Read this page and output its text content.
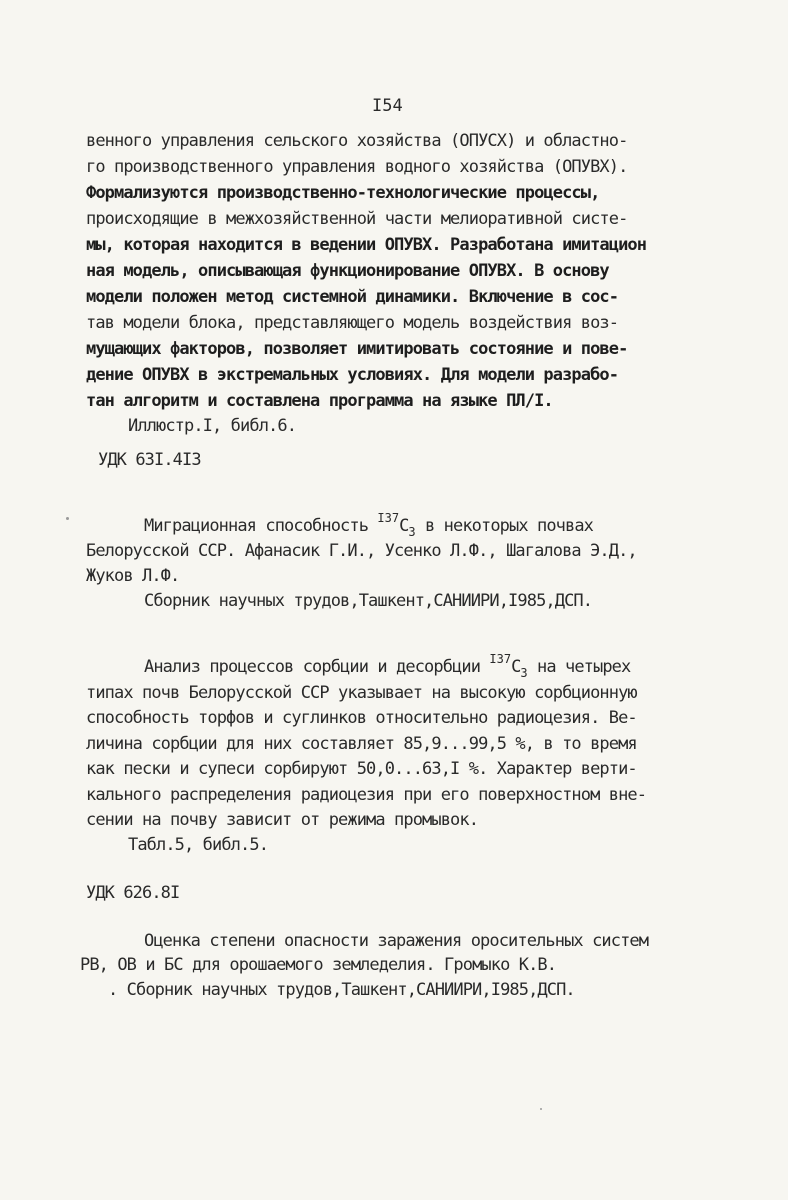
I54
венного управления сельского хозяйства (ОПУСХ) и областно-
го производственного управления водного хозяйства (ОПУВХ).
Формализуются производственно-технологические процессы,
происходящие в межхозяйственной части мелиоративной систе-
мы, которая находится в ведении ОПУВХ. Разработана имитацион
ная модель, описывающая функционирование ОПУВХ. В основу
модели положен метод системной динамики. Включение в сос-
тав модели блока, представляющего модель воздействия воз-
мущающих факторов, позволяет имитировать состояние и пове-
дение ОПУВХ в экстремальных условиях. Для модели разрабо-
тан алгоритм и составлена программа на языке ПЛ/I.
Иллюстр.I, библ.6.
УДК 63I.4I3
Миграционная способность $^{I37}C_3$ в некоторых почвах
Белорусской ССР. Афанасик Г.И., Усенко Л.Ф., Шагалова Э.Д.,
Жуков Л.Ф.
Сборник научных трудов,Ташкент,САНИИРИ,I985,ДСП.
Анализ процессов сорбции и десорбции $^{I37}C_3$ на четырех
типах почв Белорусской ССР указывает на высокую сорбционную
способность торфов и суглинков относительно радиоцезия. Ве-
личина сорбции для них составляет 85,9...99,5 %, в то время
как пески и супеси сорбируют 50,0...63,I %. Характер верти-
кального распределения радиоцезия при его поверхностном вне-
сении на почву зависит от режима промывок.
Табл.5, библ.5.
УДК 626.8I
Оценка степени опасности заражения оросительных систем
РВ, ОВ и БС для орошаемого земледелия. Громыко К.В.
. Сборник научных трудов,Ташкент,САНИИРИ,I985,ДСП.
